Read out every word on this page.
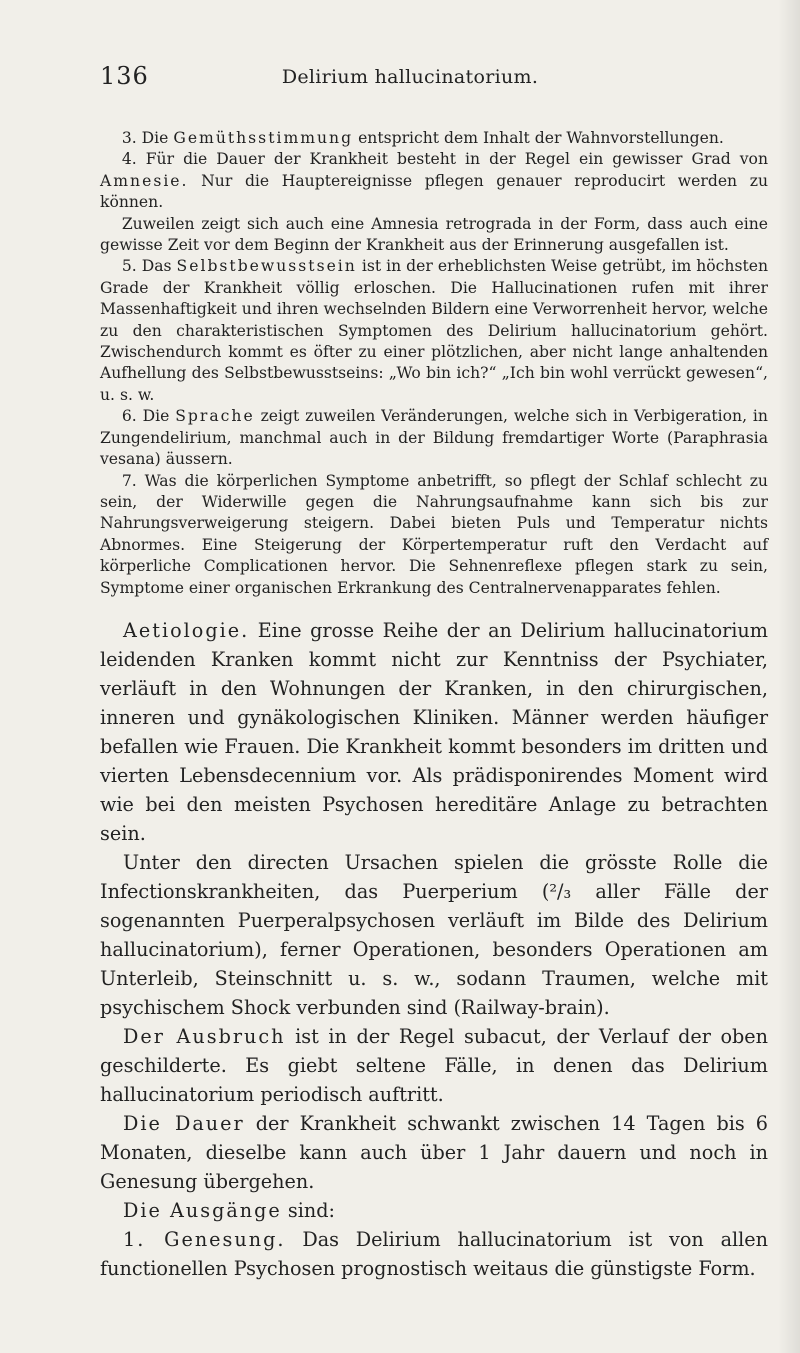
136	Delirium hallucinatorium.

3. Die Gemüthsstimmung entspricht dem Inhalt der Wahnvorstellungen.

4. Für die Dauer der Krankheit besteht in der Regel ein gewisser Grad von Amnesie. Nur die Hauptereignisse pflegen genauer reproducirt werden zu können.

Zuweilen zeigt sich auch eine Amnesia retrograda in der Form, dass auch eine gewisse Zeit vor dem Beginn der Krankheit aus der Erinnerung ausgefallen ist.

5. Das Selbstbewusstsein ist in der erheblichsten Weise getrübt, im höchsten Grade der Krankheit völlig erloschen. Die Hallucinationen rufen mit ihrer Massenhaftigkeit und ihren wechselnden Bildern eine Verworrenheit hervor, welche zu den charakteristischen Symptomen des Delirium hallucinatorium gehört. Zwischendurch kommt es öfter zu einer plötzlichen, aber nicht lange anhaltenden Aufhellung des Selbstbewusstseins: „Wo bin ich?“ „Ich bin wohl verrückt gewesen“, u. s. w.

6. Die Sprache zeigt zuweilen Veränderungen, welche sich in Verbigeration, in Zungendelirium, manchmal auch in der Bildung fremdartiger Worte (Paraphrasia vesana) äussern.

7. Was die körperlichen Symptome anbetrifft, so pflegt der Schlaf schlecht zu sein, der Widerwille gegen die Nahrungsaufnahme kann sich bis zur Nahrungsverweigerung steigern. Dabei bieten Puls und Temperatur nichts Abnormes. Eine Steigerung der Körpertemperatur ruft den Verdacht auf körperliche Complicationen hervor. Die Sehnenreflexe pflegen stark zu sein, Symptome einer organischen Erkrankung des Centralnervenapparates fehlen.

Aetiologie. Eine grosse Reihe der an Delirium hallucinatorium leidenden Kranken kommt nicht zur Kenntniss der Psychiater, verläuft in den Wohnungen der Kranken, in den chirurgischen, inneren und gynäkologischen Kliniken. Männer werden häufiger befallen wie Frauen. Die Krankheit kommt besonders im dritten und vierten Lebensdecennium vor. Als prädisponirendes Moment wird wie bei den meisten Psychosen hereditäre Anlage zu betrachten sein.

Unter den directen Ursachen spielen die grösste Rolle die Infectionskrankheiten, das Puerperium (²/₃ aller Fälle der sogenannten Puerperalpsychosen verläuft im Bilde des Delirium hallucinatorium), ferner Operationen, besonders Operationen am Unterleib, Steinschnitt u. s. w., sodann Traumen, welche mit psychischem Shock verbunden sind (Railway-brain).

Der Ausbruch ist in der Regel subacut, der Verlauf der oben geschilderte. Es giebt seltene Fälle, in denen das Delirium hallucinatorium periodisch auftritt.

Die Dauer der Krankheit schwankt zwischen 14 Tagen bis 6 Monaten, dieselbe kann auch über 1 Jahr dauern und noch in Genesung übergehen.

Die Ausgänge sind:

1. Genesung. Das Delirium hallucinatorium ist von allen functionellen Psychosen prognostisch weitaus die günstigste Form.
